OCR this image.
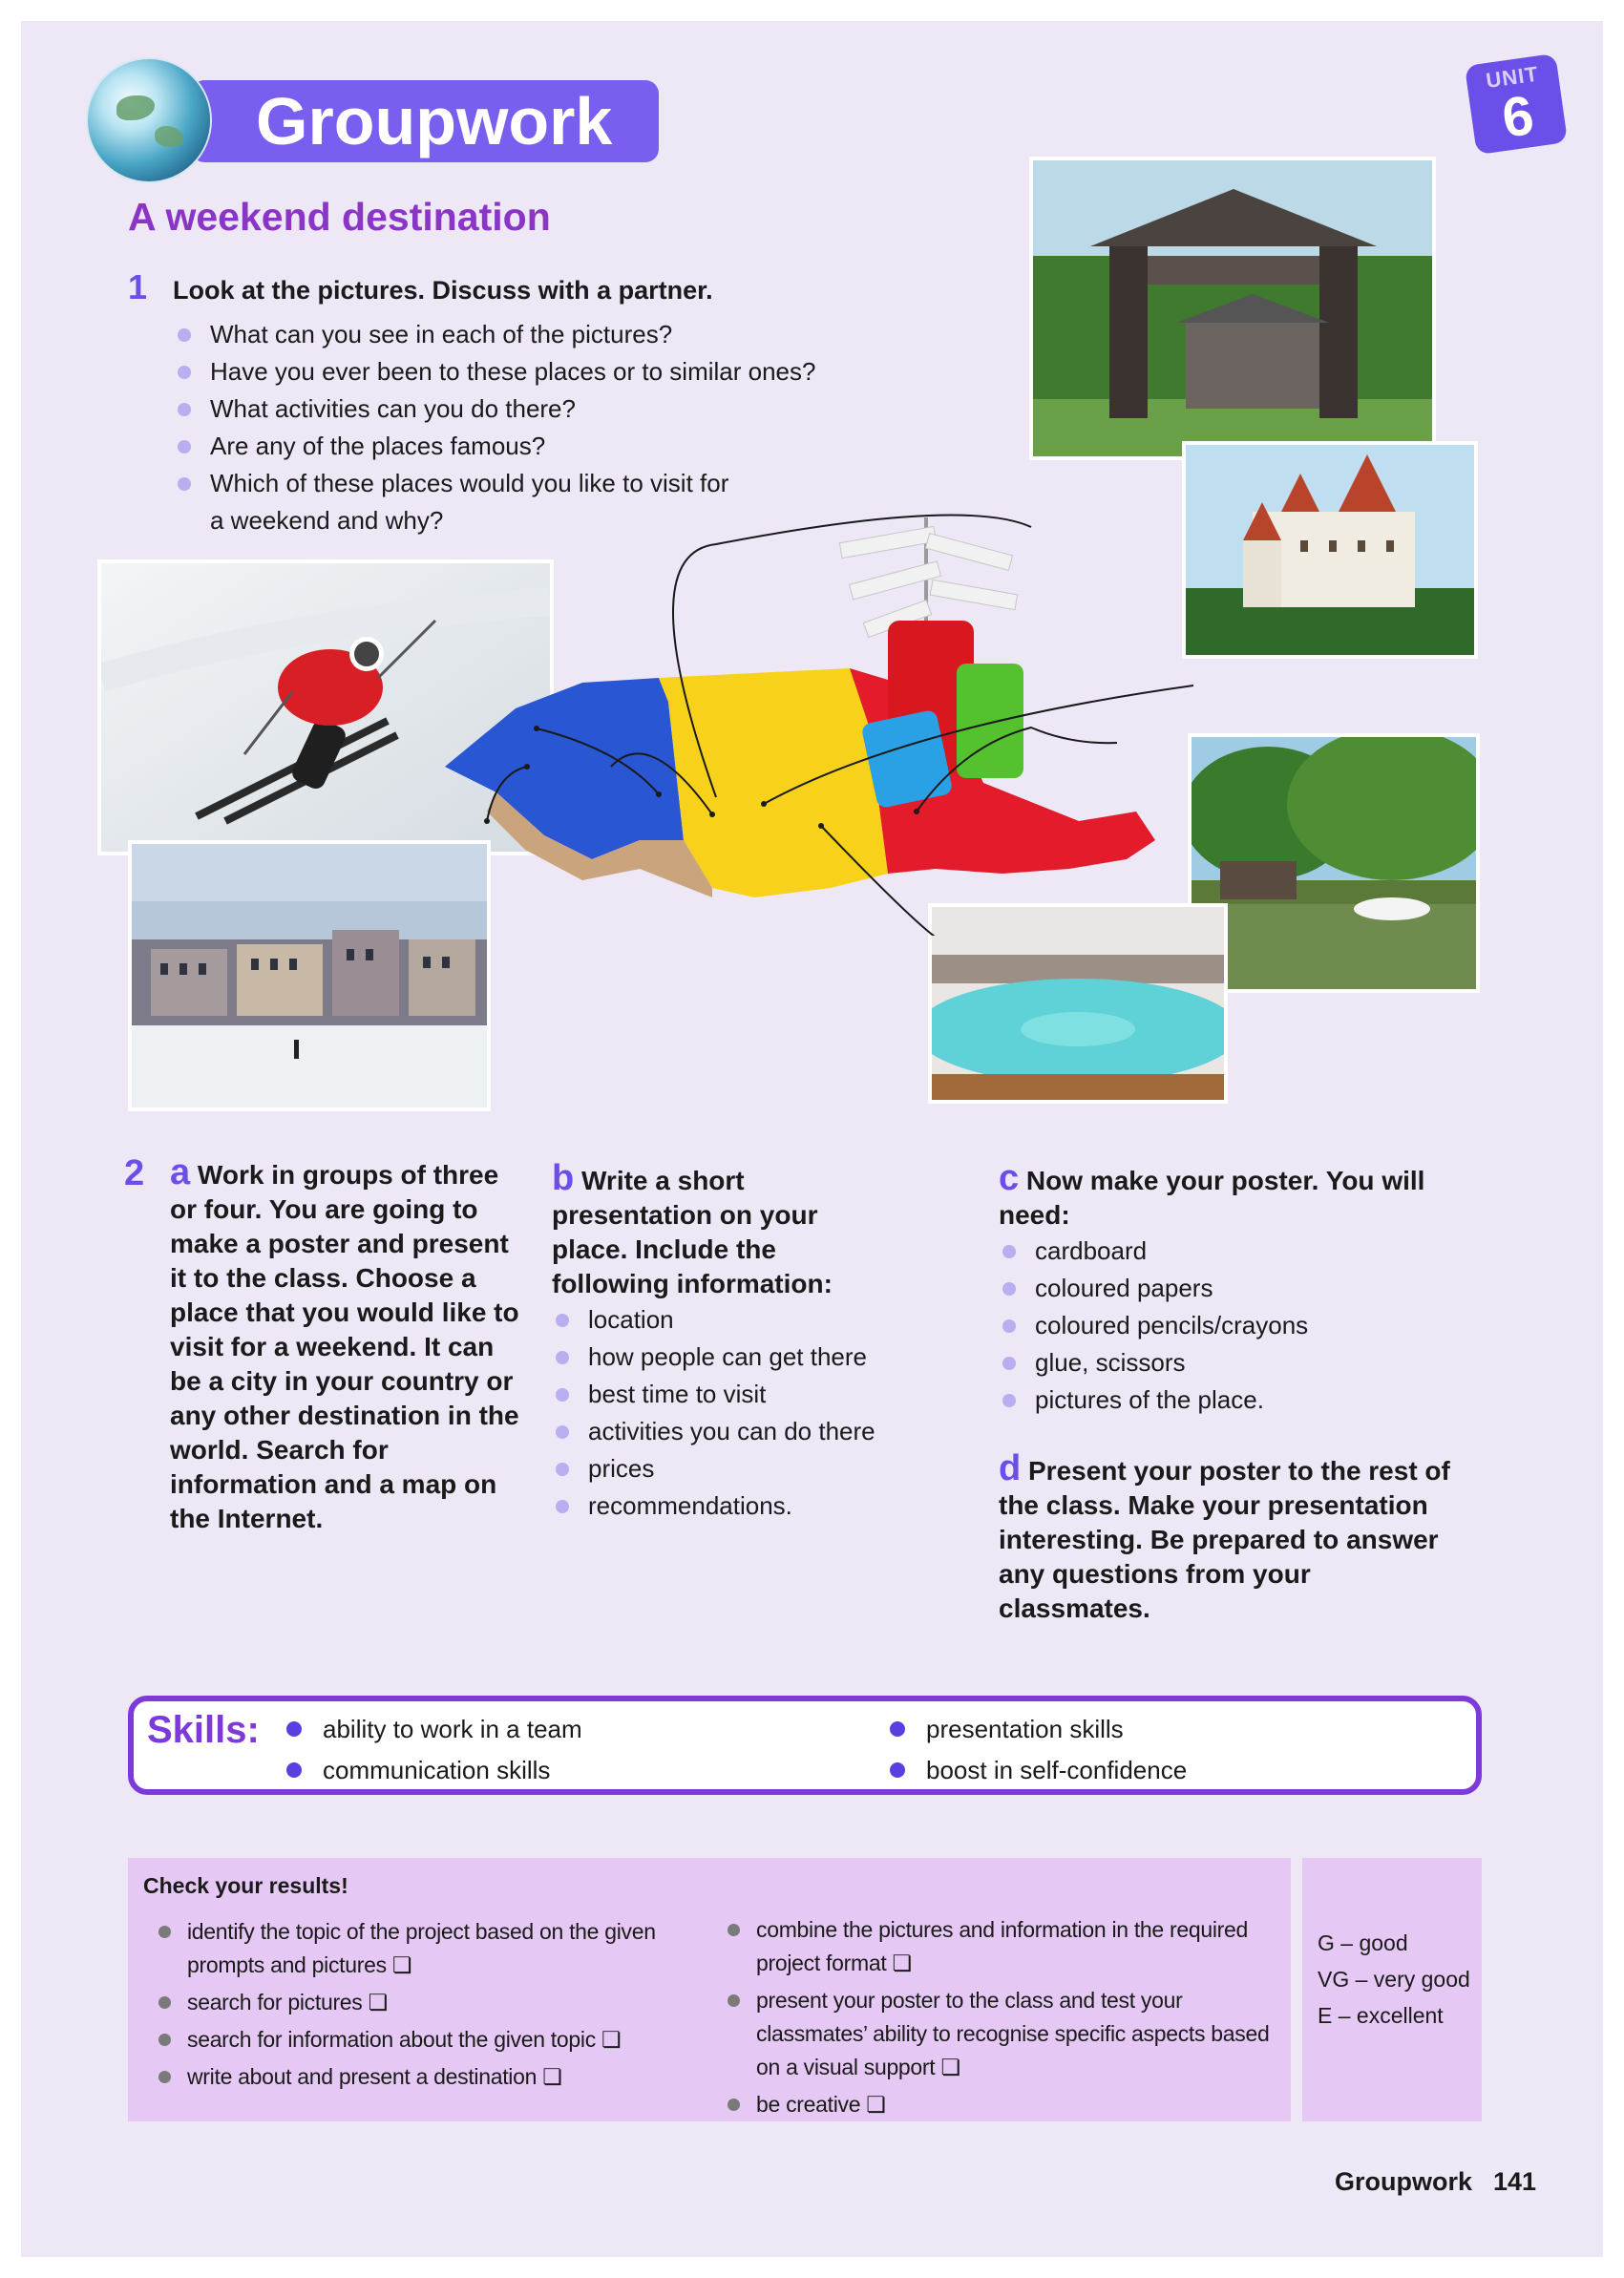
Groupwork
UNIT
6
A weekend destination
1 Look at the pictures. Discuss with a partner.
What can you see in each of the pictures?
Have you ever been to these places or to similar ones?
What activities can you do there?
Are any of the places famous?
Which of these places would you like to visit for a weekend and why?
2 a Work in groups of three or four. You are going to make a poster and present it to the class. Choose a place that you would like to visit for a weekend. It can be a city in your country or any other destination in the world. Search for information and a map on the Internet.
b Write a short presentation on your place. Include the following information:
location
how people can get there
best time to visit
activities you can do there
prices
recommendations.
c Now make your poster. You will need:
cardboard
coloured papers
coloured pencils/crayons
glue, scissors
pictures of the place.
d Present your poster to the rest of the class. Make your presentation interesting. Be prepared to answer any questions from your classmates.
Skills:	ability to work in a team
communication skills
presentation skills
boost in self-confidence
Check your results!
identify the topic of the project based on the given prompts and pictures ❏
search for pictures ❏
search for information about the given topic ❏
write about and present a destination ❏
combine the pictures and information in the required project format ❏
present your poster to the class and test your classmates’ ability to recognise specific aspects based on a visual support ❏
be creative ❏
G – good
VG – very good
E – excellent
Groupwork 141
